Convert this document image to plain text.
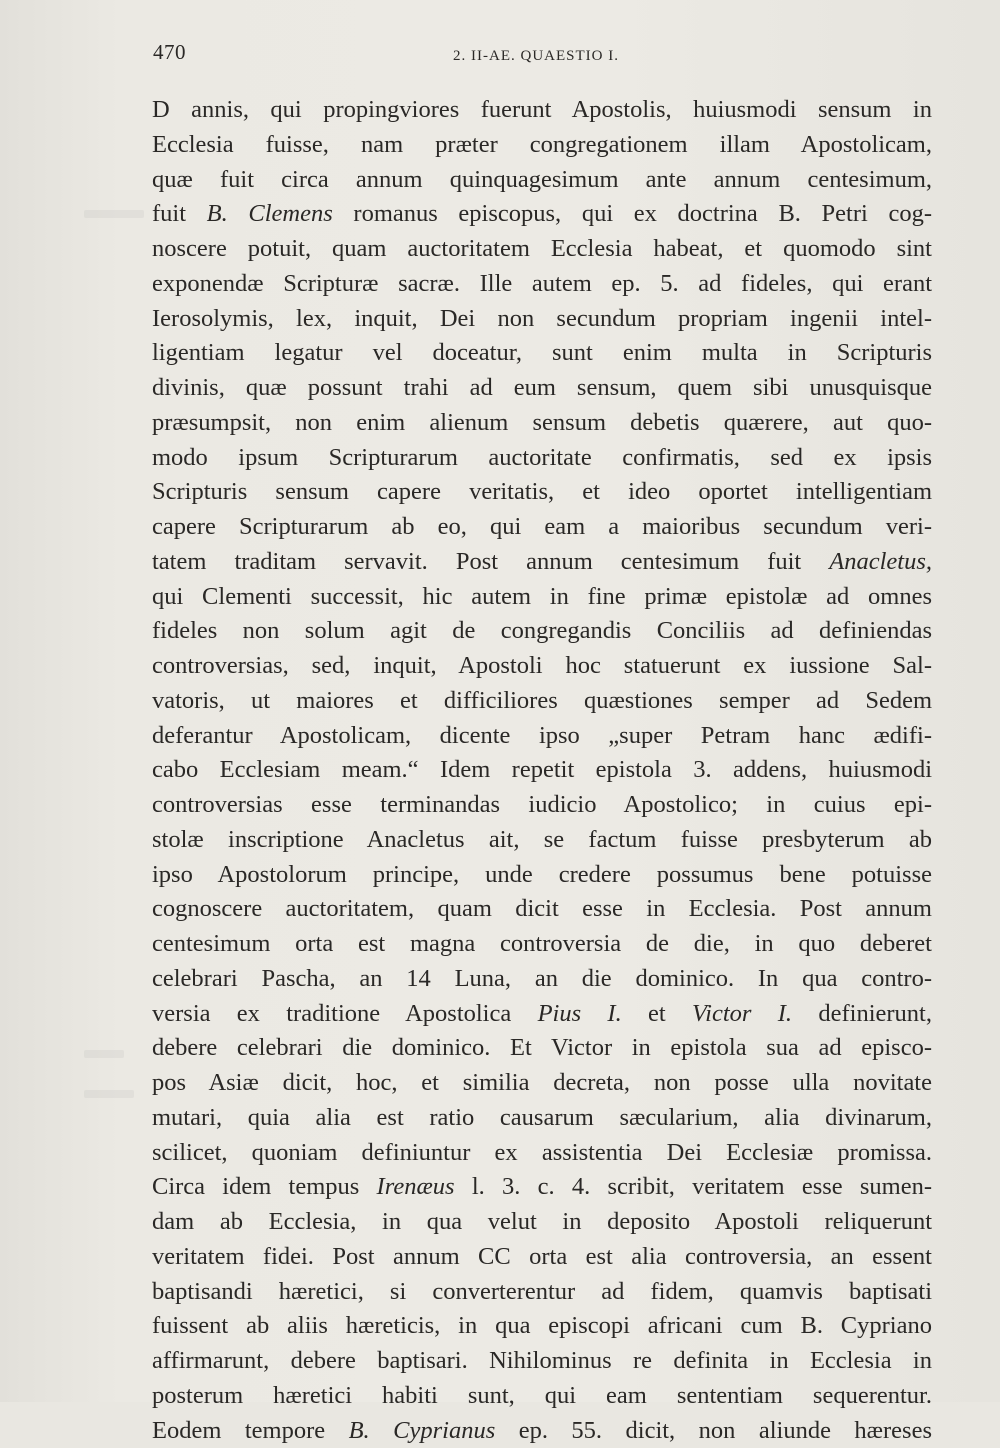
470	2. II-AE. QUAESTIO I.
D annis, qui propingviores fuerunt Apostolis, huiusmodi sensum in
Ecclesia fuisse, nam præter congregationem illam Apostolicam,
quæ fuit circa annum quinquagesimum ante annum centesimum,
fuit B. Clemens romanus episcopus, qui ex doctrina B. Petri cog-
noscere potuit, quam auctoritatem Ecclesia habeat, et quomodo sint
exponendæ Scripturæ sacræ. Ille autem ep. 5. ad fideles, qui erant
Ierosolymis, lex, inquit, Dei non secundum propriam ingenii intel-
ligentiam legatur vel doceatur, sunt enim multa in Scripturis
divinis, quæ possunt trahi ad eum sensum, quem sibi unusquisque
præsumpsit, non enim alienum sensum debetis quærere, aut quo-
modo ipsum Scripturarum auctoritate confirmatis, sed ex ipsis
Scripturis sensum capere veritatis, et ideo oportet intelligentiam
capere Scripturarum ab eo, qui eam a maioribus secundum veri-
tatem traditam servavit. Post annum centesimum fuit Anacletus,
qui Clementi successit, hic autem in fine primæ epistolæ ad omnes
fideles non solum agit de congregandis Conciliis ad definiendas
controversias, sed, inquit, Apostoli hoc statuerunt ex iussione Sal-
vatoris, ut maiores et difficiliores quæstiones semper ad Sedem
deferantur Apostolicam, dicente ipso „super Petram hanc ædifi-
cabo Ecclesiam meam.“ Idem repetit epistola 3. addens, huiusmodi
controversias esse terminandas iudicio Apostolico; in cuius epi-
stolæ inscriptione Anacletus ait, se factum fuisse presbyterum ab
ipso Apostolorum principe, unde credere possumus bene potuisse
cognoscere auctoritatem, quam dicit esse in Ecclesia. Post annum
centesimum orta est magna controversia de die, in quo deberet
celebrari Pascha, an 14 Luna, an die dominico. In qua contro-
versia ex traditione Apostolica Pius I. et Victor I. definierunt,
debere celebrari die dominico. Et Victor in epistola sua ad episco-
pos Asiæ dicit, hoc, et similia decreta, non posse ulla novitate
mutari, quia alia est ratio causarum sæcularium, alia divinarum,
scilicet, quoniam definiuntur ex assistentia Dei Ecclesiæ promissa.
Circa idem tempus Irenæus l. 3. c. 4. scribit, veritatem esse sumen-
dam ab Ecclesia, in qua velut in deposito Apostoli reliquerunt
veritatem fidei. Post annum CC orta est alia controversia, an essent
baptisandi hæretici, si converterentur ad fidem, quamvis baptisati
fuissent ab aliis hæreticis, in qua episcopi africani cum B. Cypriano
affirmarunt, debere baptisari. Nihilominus re definita in Ecclesia in
posterum hæretici habiti sunt, qui eam sententiam sequerentur.
Eodem tempore B. Cyprianus ep. 55. dicit, non aliunde hæreses
